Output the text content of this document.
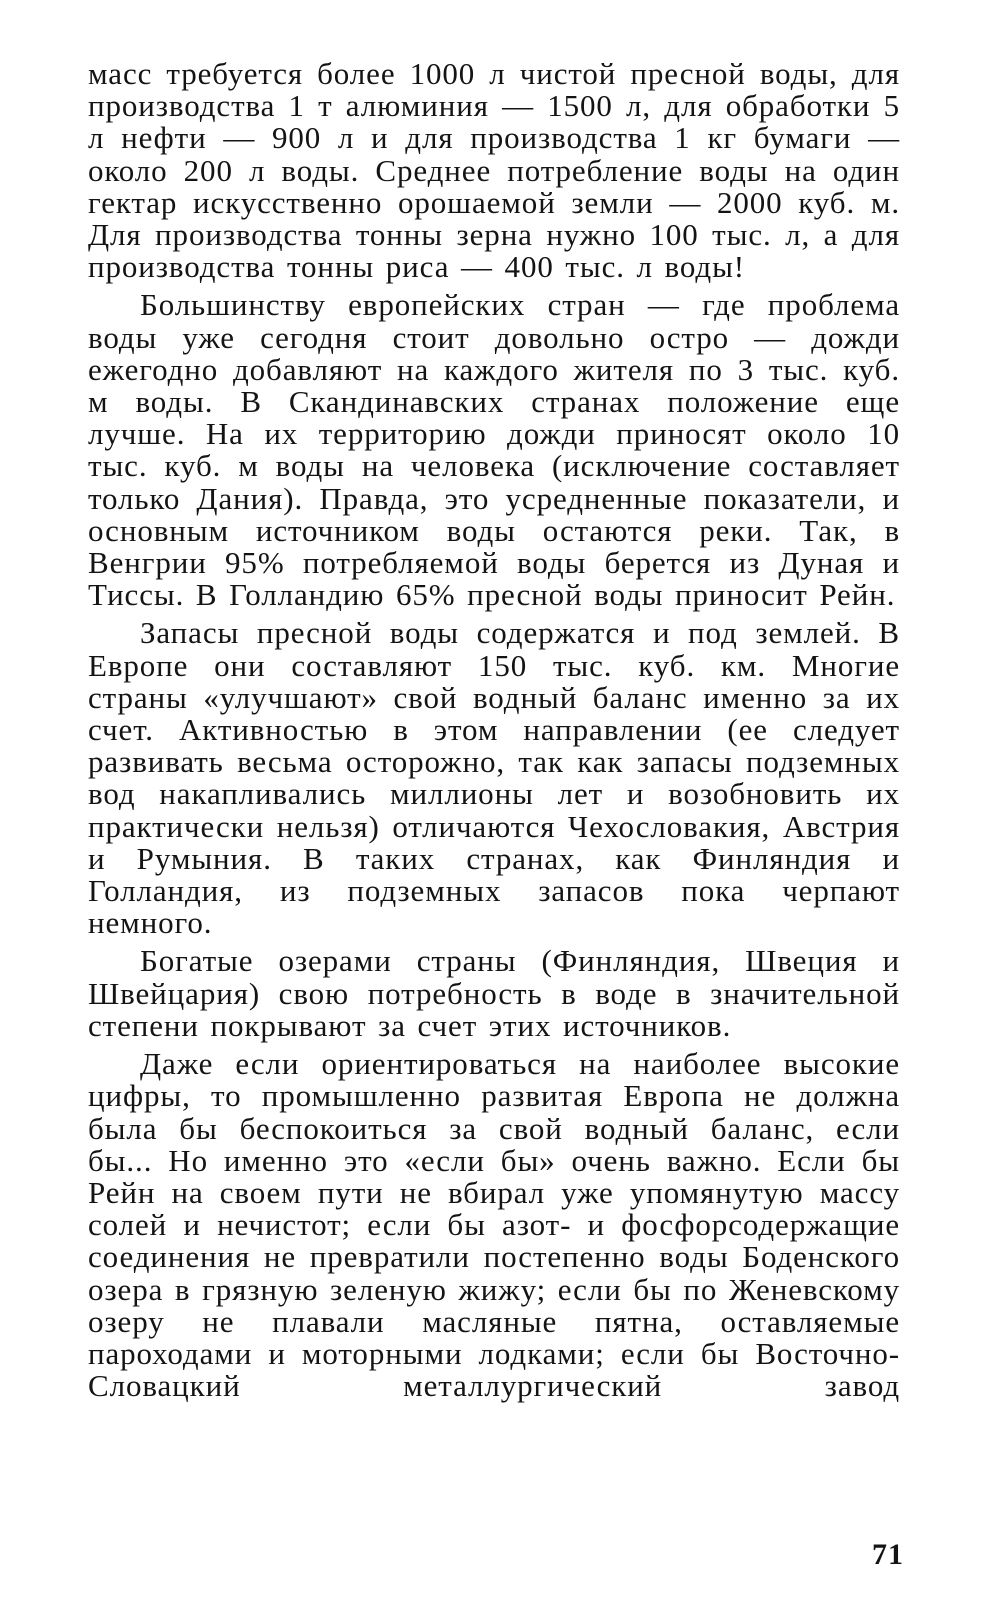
масс требуется более 1000 л чистой пресной воды, для производства 1 т алюминия — 1500 л, для обработки 5 л нефти — 900 л и для производства 1 кг бумаги — около 200 л воды. Среднее потребление воды на один гектар искусственно орошаемой земли — 2000 куб. м. Для производства тонны зерна нужно 100 тыс. л, а для производства тонны риса — 400 тыс. л воды!

Большинству европейских стран — где проблема воды уже сегодня стоит довольно остро — дожди ежегодно добавляют на каждого жителя по 3 тыс. куб. м воды. В Скандинавских странах положение еще лучше. На их территорию дожди приносят около 10 тыс. куб. м воды на человека (исключение составляет только Дания). Правда, это усредненные показатели, и основным источником воды остаются реки. Так, в Венгрии 95% потребляемой воды берется из Дуная и Тиссы. В Голландию 65% пресной воды приносит Рейн.

Запасы пресной воды содержатся и под землей. В Европе они составляют 150 тыс. куб. км. Многие страны «улучшают» свой водный баланс именно за их счет. Активностью в этом направлении (ее следует развивать весьма осторожно, так как запасы подземных вод накапливались миллионы лет и возобновить их практически нельзя) отличаются Чехословакия, Австрия и Румыния. В таких странах, как Финляндия и Голландия, из подземных запасов пока черпают немного.

Богатые озерами страны (Финляндия, Швеция и Швейцария) свою потребность в воде в значительной степени покрывают за счет этих источников.

Даже если ориентироваться на наиболее высокие цифры, то промышленно развитая Европа не должна была бы беспокоиться за свой водный баланс, если бы... Но именно это «если бы» очень важно. Если бы Рейн на своем пути не вбирал уже упомянутую массу солей и нечистот; если бы азот- и фосфорсодержащие соединения не превратили постепенно воды Боденского озера в грязную зеленую жижу; если бы по Женевскому озеру не плавали масляные пятна, оставляемые пароходами и моторными лодками; если бы Восточно-Словацкий металлургический завод

71
